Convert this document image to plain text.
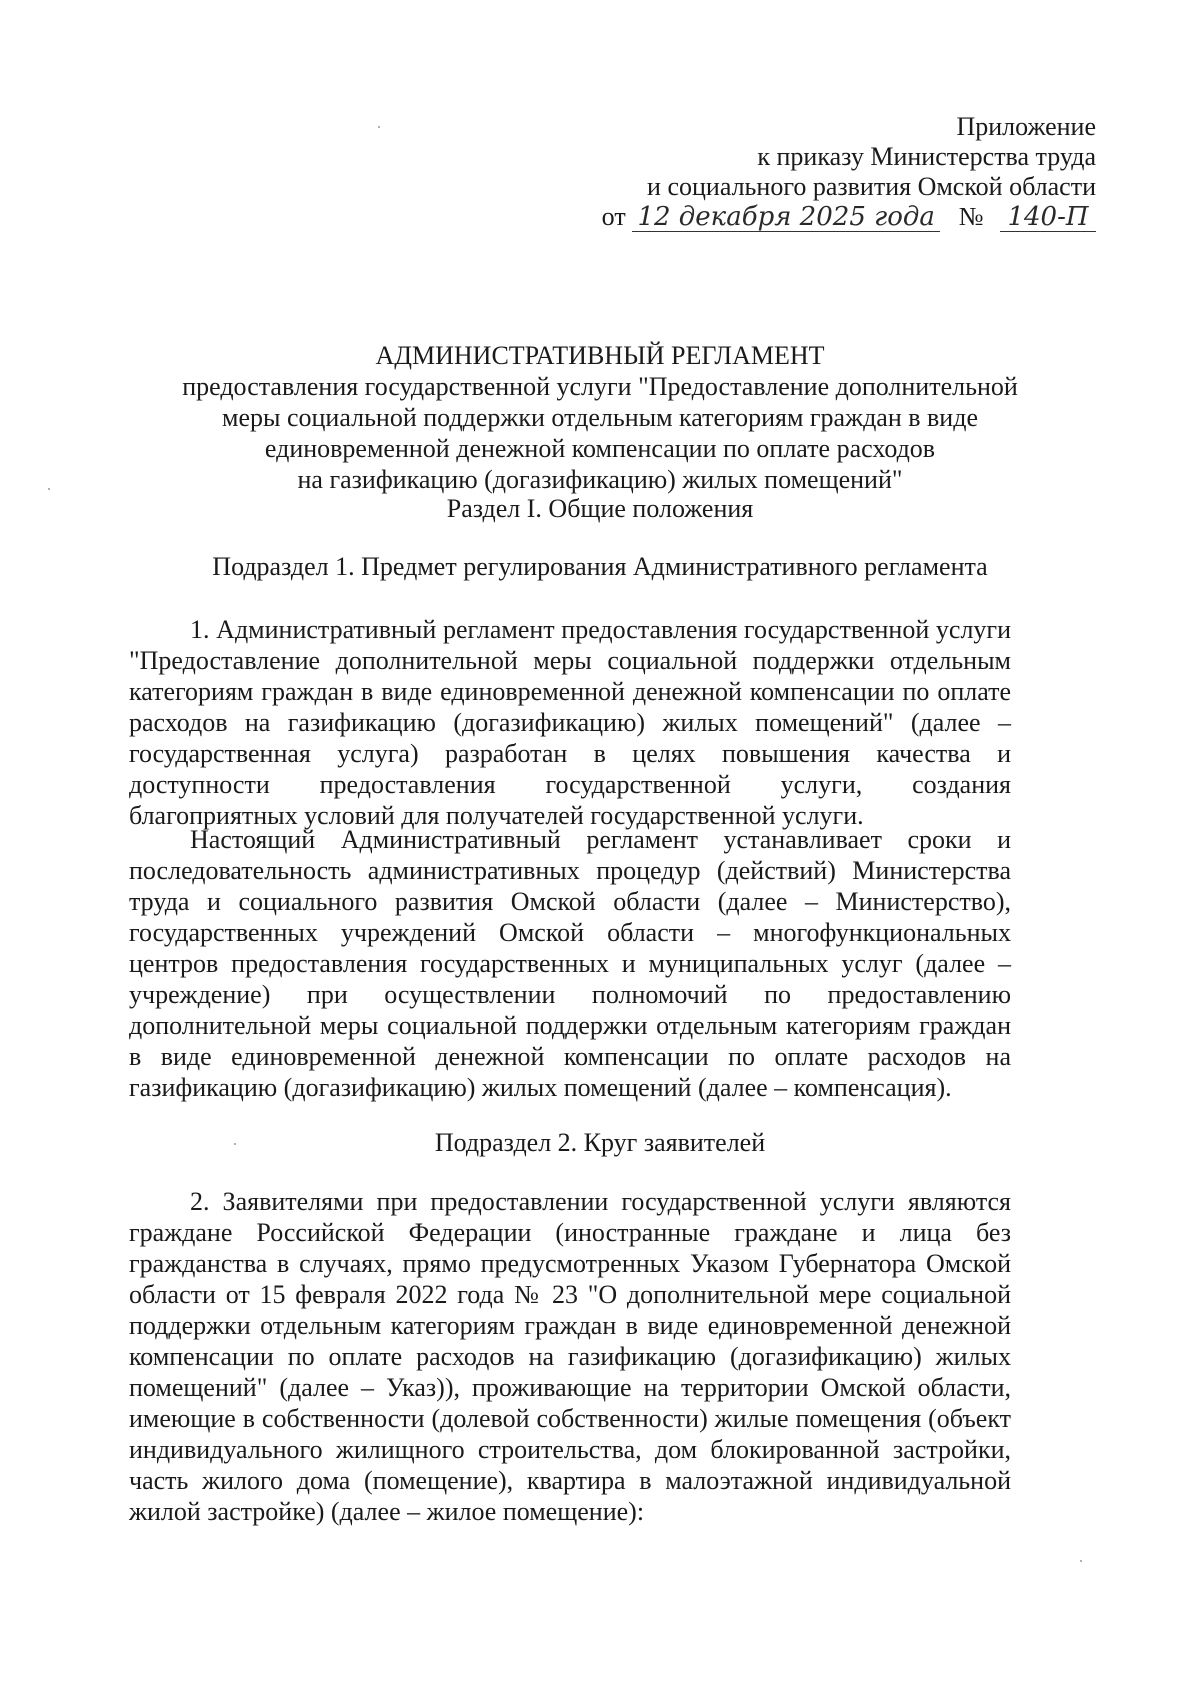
Приложение
к приказу Министерства труда
и социального развития Омской области
от 12 декабря 2025 года № 140-П
АДМИНИСТРАТИВНЫЙ РЕГЛАМЕНТ
предоставления государственной услуги "Предоставление дополнительной
меры социальной поддержки отдельным категориям граждан в виде
единовременной денежной компенсации по оплате расходов
на газификацию (догазификацию) жилых помещений"
Раздел I. Общие положения
Подраздел 1. Предмет регулирования Административного регламента
1. Административный регламент предоставления государственной услуги "Предоставление дополнительной меры социальной поддержки отдельным категориям граждан в виде единовременной денежной компенсации по оплате расходов на газификацию (догазификацию) жилых помещений" (далее – государственная услуга) разработан в целях повышения качества и доступности предоставления государственной услуги, создания благоприятных условий для получателей государственной услуги.
Настоящий Административный регламент устанавливает сроки и последовательность административных процедур (действий) Министерства труда и социального развития Омской области (далее – Министерство), государственных учреждений Омской области – многофункциональных центров предоставления государственных и муниципальных услуг (далее – учреждение) при осуществлении полномочий по предоставлению дополнительной меры социальной поддержки отдельным категориям граждан в виде единовременной денежной компенсации по оплате расходов на газификацию (догазификацию) жилых помещений (далее – компенсация).
Подраздел 2. Круг заявителей
2. Заявителями при предоставлении государственной услуги являются граждане Российской Федерации (иностранные граждане и лица без гражданства в случаях, прямо предусмотренных Указом Губернатора Омской области от 15 февраля 2022 года № 23 "О дополнительной мере социальной поддержки отдельным категориям граждан в виде единовременной денежной компенсации по оплате расходов на газификацию (догазификацию) жилых помещений" (далее – Указ)), проживающие на территории Омской области, имеющие в собственности (долевой собственности) жилые помещения (объект индивидуального жилищного строительства, дом блокированной застройки, часть жилого дома (помещение), квартира в малоэтажной индивидуальной жилой застройке) (далее – жилое помещение):
